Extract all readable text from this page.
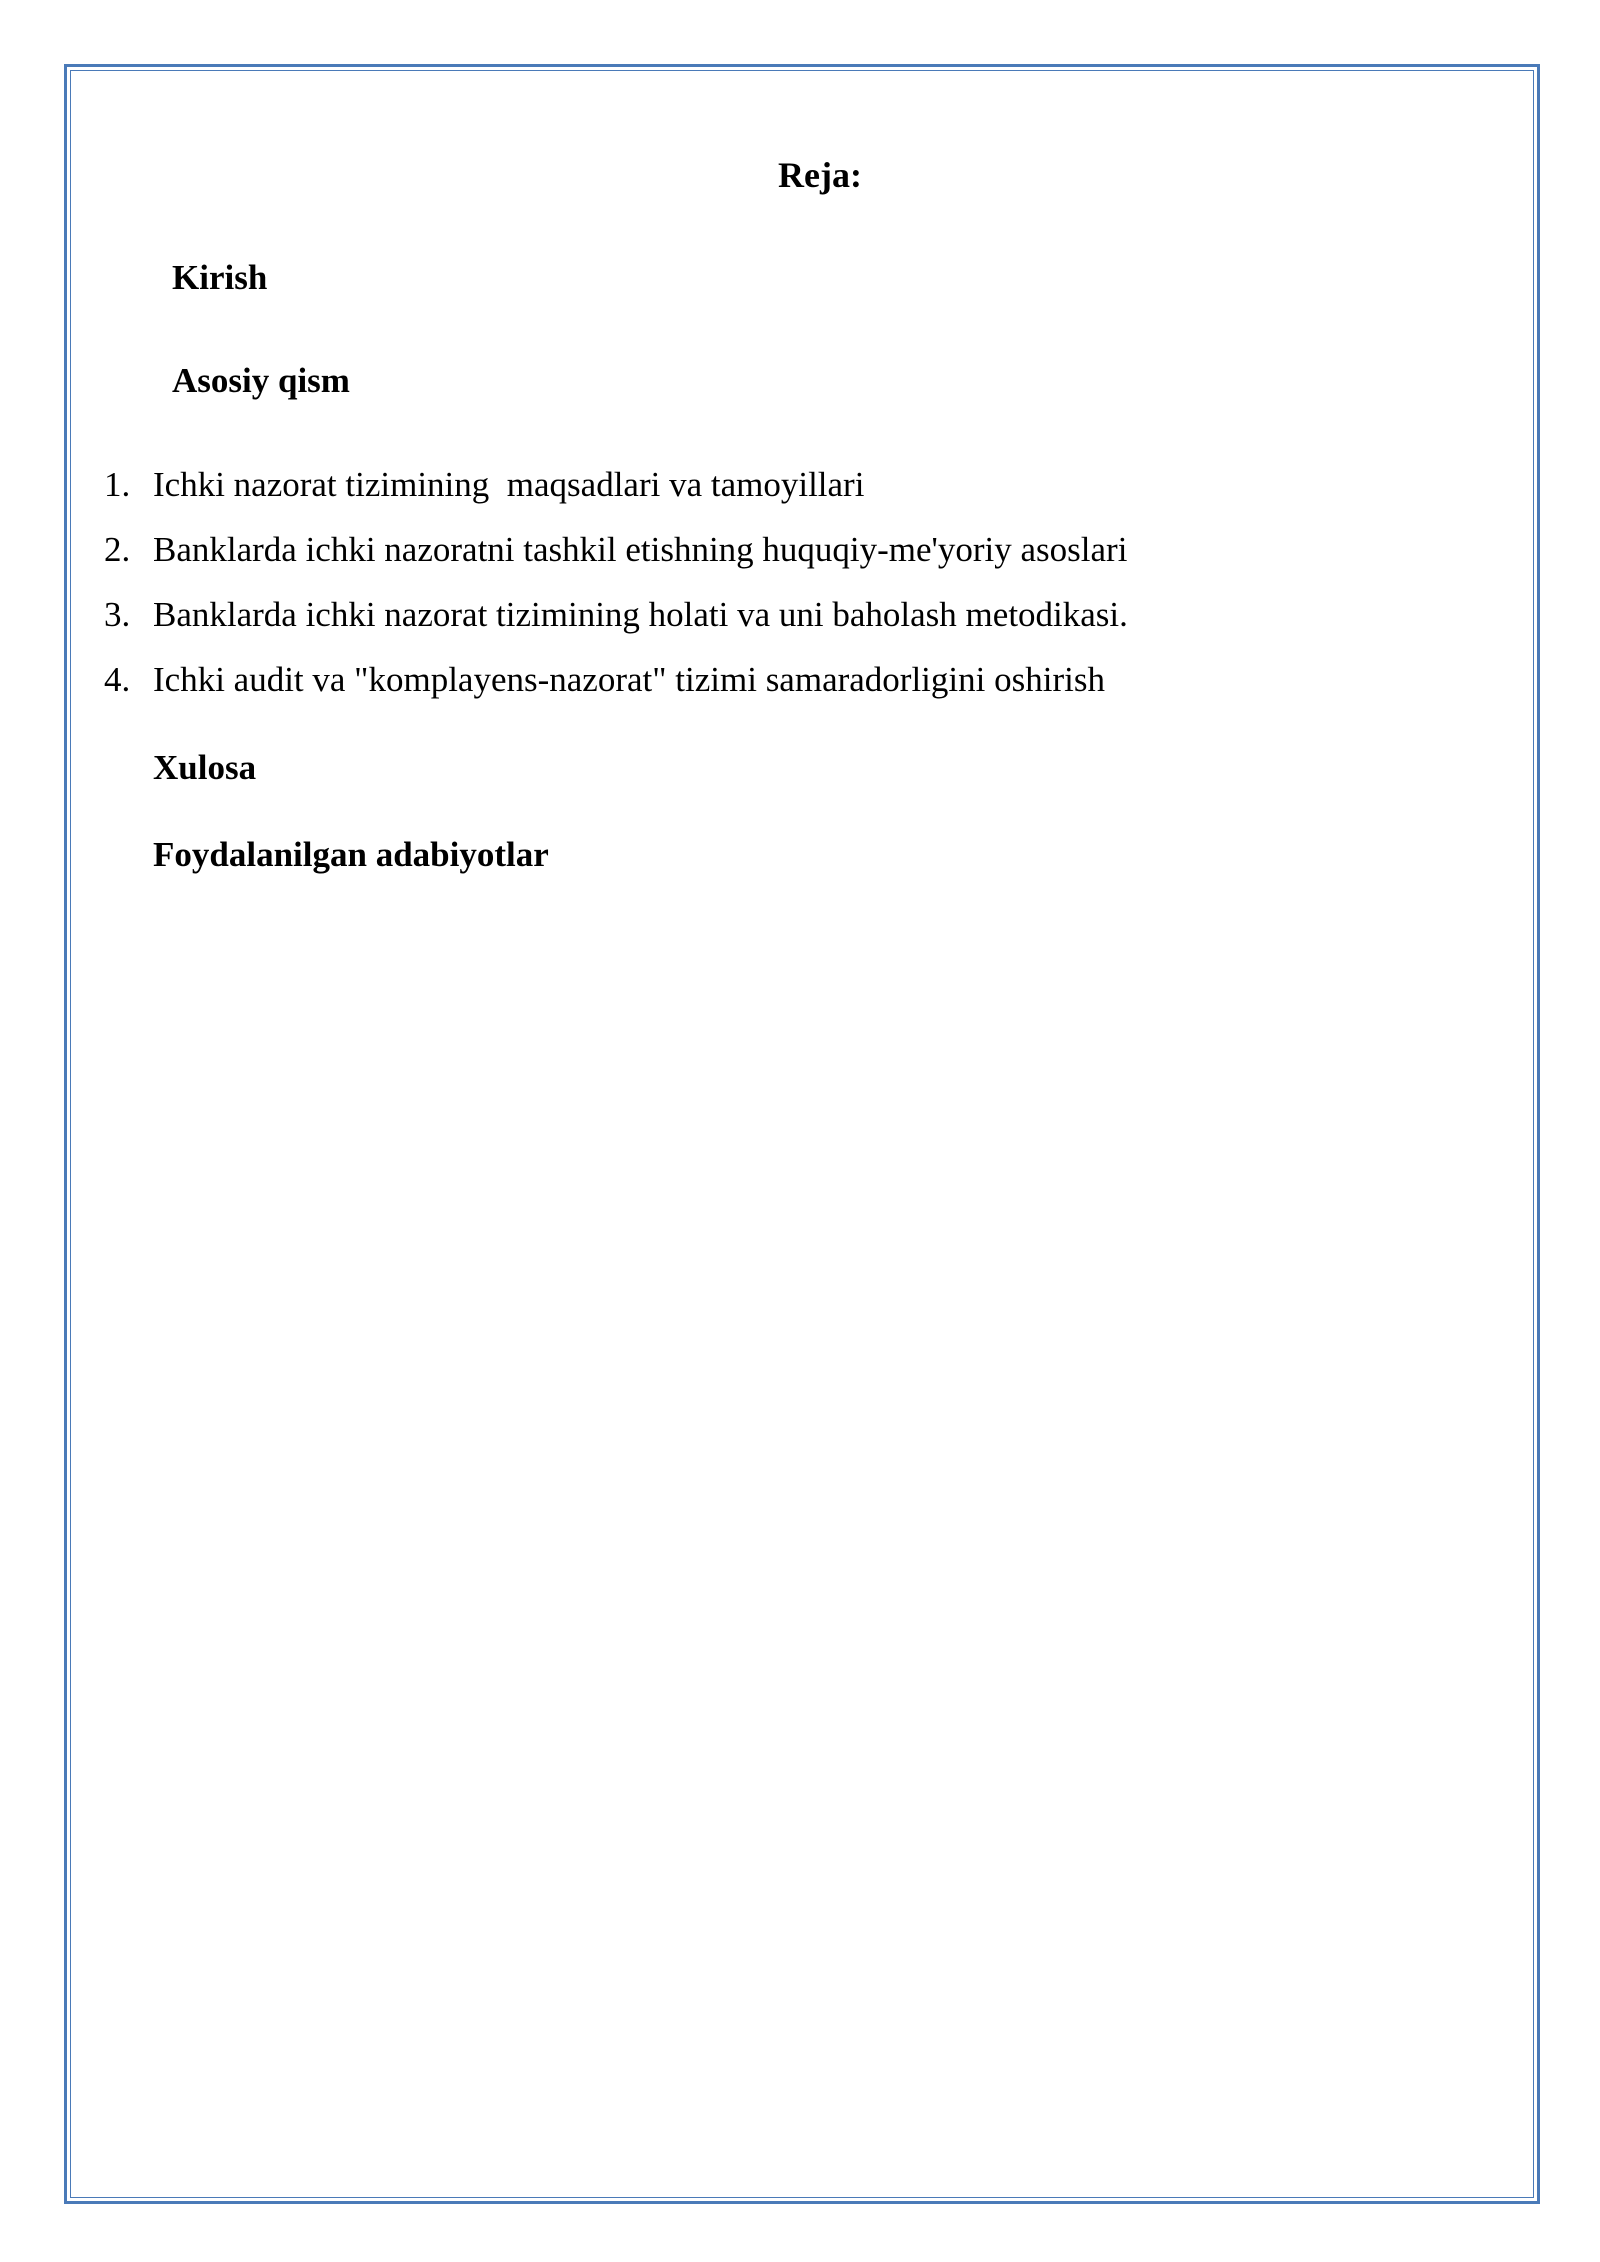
Reja:
Kirish
Asosiy qism
1. Ichki nazorat tizimining  maqsadlari va tamoyillari
2. Banklarda ichki nazoratni tashkil etishning huquqiy-me'yoriy asoslari
3. Banklarda ichki nazorat tizimining holati va uni baholash metodikasi.
4. Ichki audit va "komplayens-nazorat" tizimi samaradorligini oshirish
Xulosa
Foydalanilgan adabiyotlar
